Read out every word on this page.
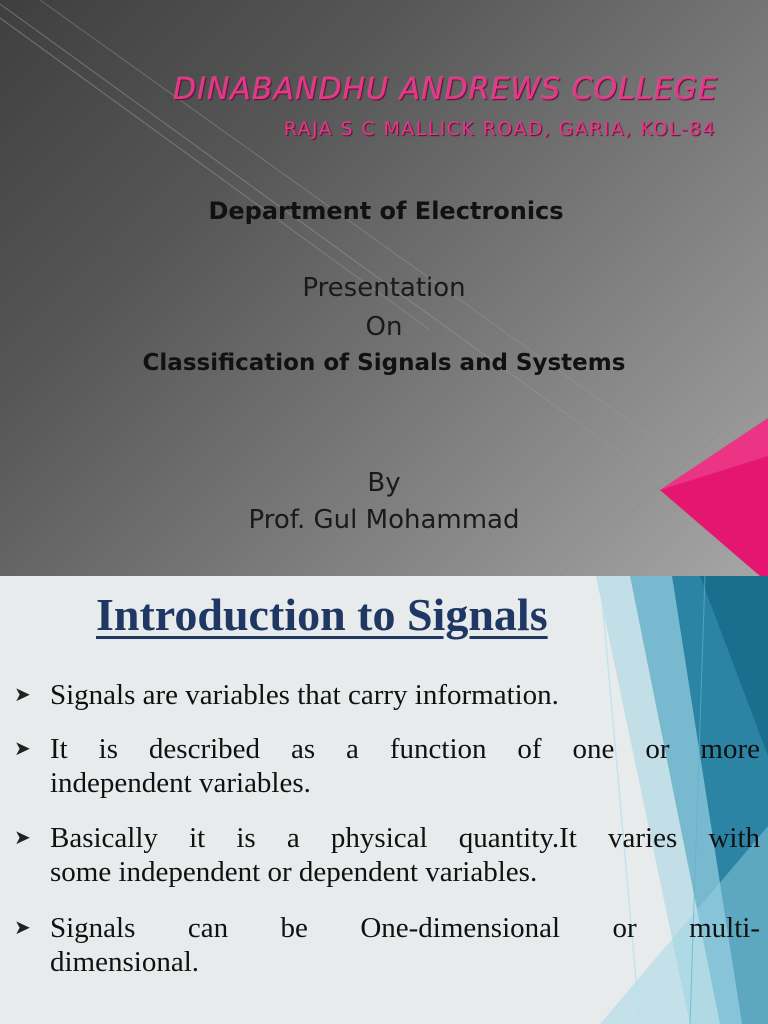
DINABANDHU ANDREWS COLLEGE
RAJA S C MALLICK ROAD, GARIA, KOL-84
Department of Electronics
Presentation
On
Classification of Signals and Systems
By
Prof. Gul Mohammad
Introduction to Signals
➤ Signals are variables that carry information.
➤ It is described as a function of one or more
independent variables.
➤ Basically it is a physical quantity.It varies with
some independent or dependent variables.
➤ Signals can be One-dimensional or multi-
dimensional.
